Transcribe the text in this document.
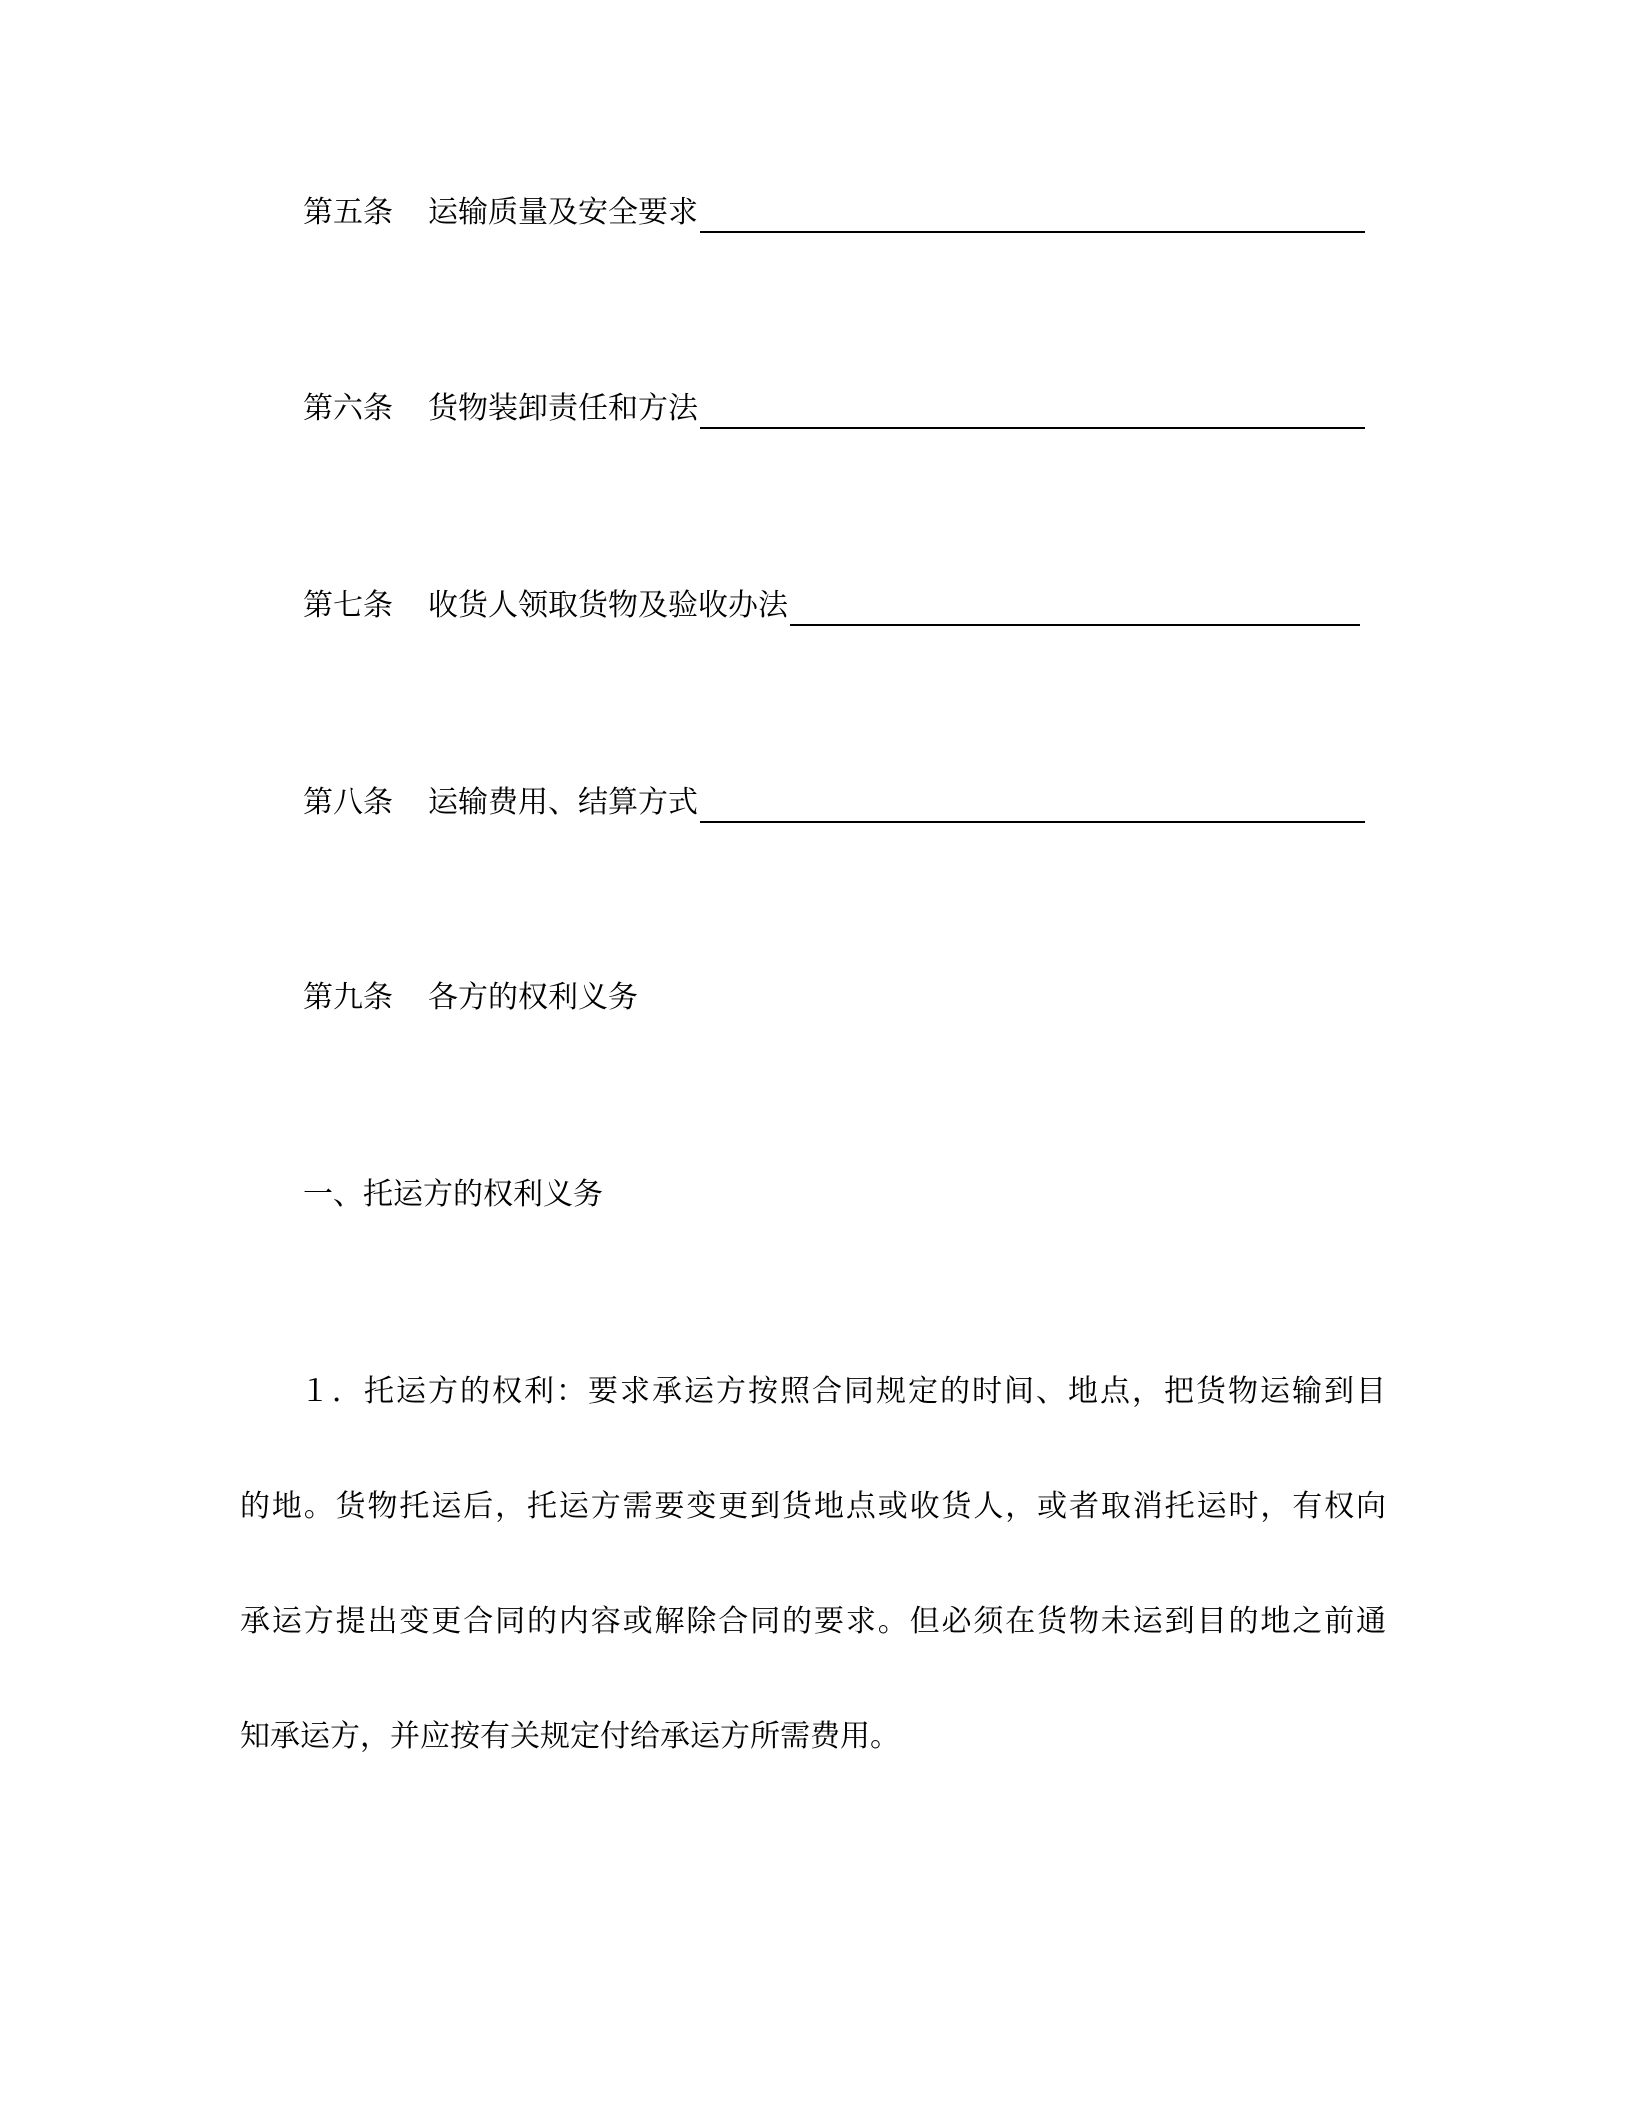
第五条	运输质量及安全要求
第六条	货物装卸责任和方法
第七条	收货人领取货物及验收办法
第八条	运输费用、结算方式
第九条	各方的权利义务
一、托运方的权利义务
１．托运方的权利：要求承运方按照合同规定的时间、地点，把货物运输到目
的地。货物托运后，托运方需要变更到货地点或收货人，或者取消托运时，有权向
承运方提出变更合同的内容或解除合同的要求。但必须在货物未运到目的地之前通
知承运方，并应按有关规定付给承运方所需费用。
